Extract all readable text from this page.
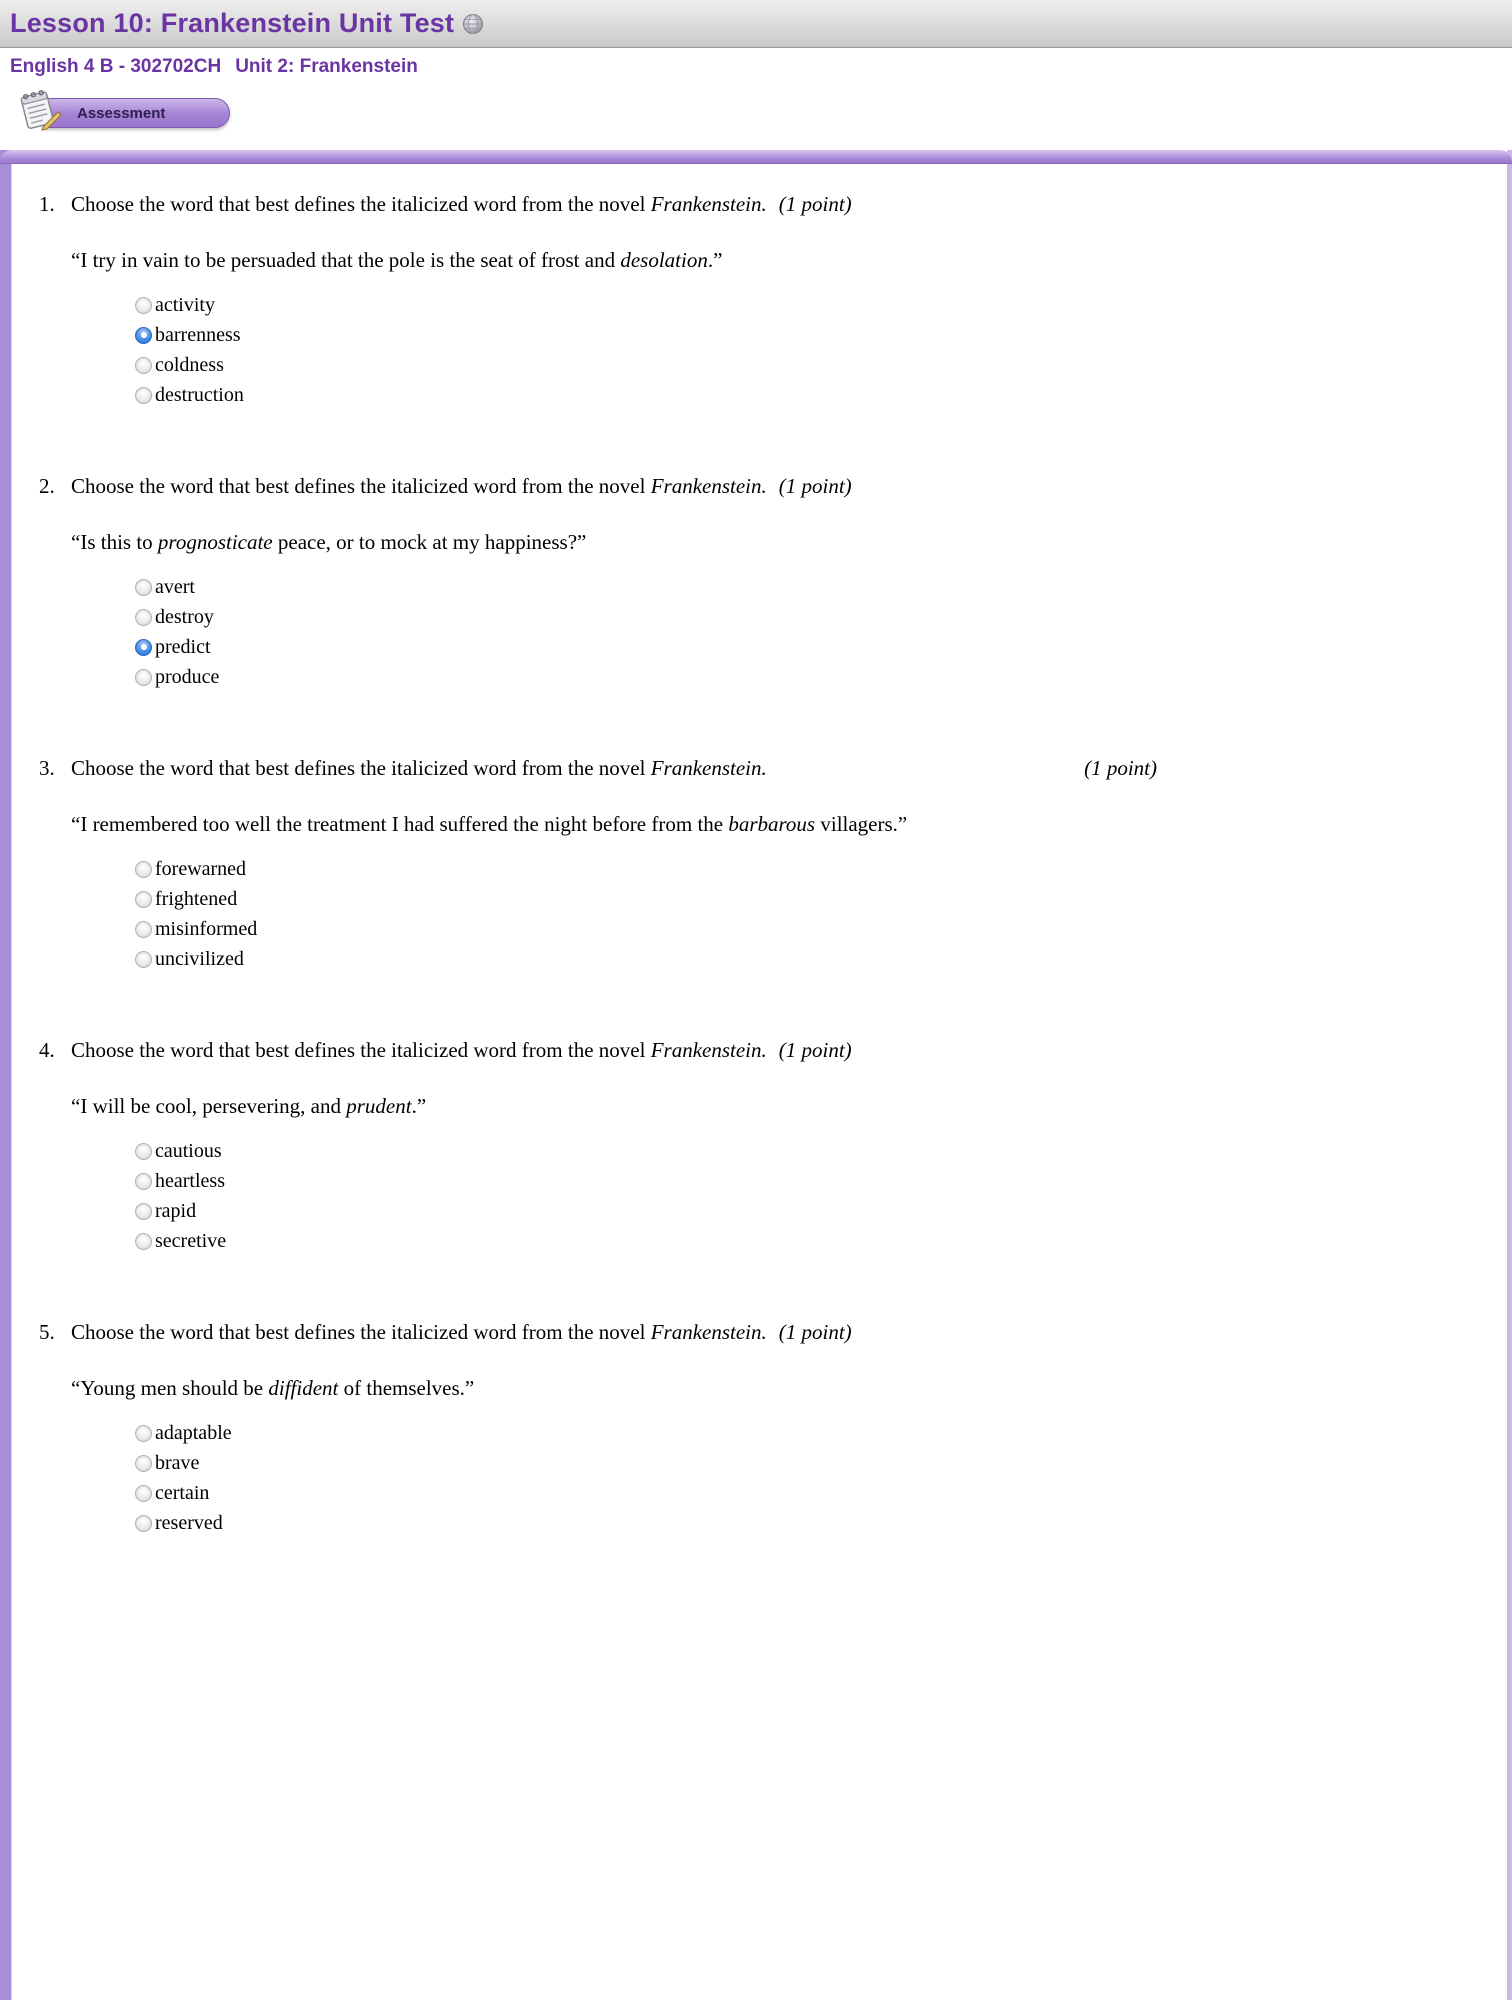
Lesson 10: Frankenstein Unit Test
English 4 B - 302702CH Unit 2: Frankenstein
Assessment
1. Choose the word that best defines the italicized word from the novel Frankenstein. (1 point)
“I try in vain to be persuaded that the pole is the seat of frost and desolation.”
activity
barrenness
coldness
destruction
2. Choose the word that best defines the italicized word from the novel Frankenstein. (1 point)
“Is this to prognosticate peace, or to mock at my happiness?”
avert
destroy
predict
produce
3.	(1 point)
Choose the word that best defines the italicized word from the novel Frankenstein.
“I remembered too well the treatment I had suffered the night before from the barbarous villagers.”
forewarned
frightened
misinformed
uncivilized
4. Choose the word that best defines the italicized word from the novel Frankenstein. (1 point)
“I will be cool, persevering, and prudent.”
cautious
heartless
rapid
secretive
5. Choose the word that best defines the italicized word from the novel Frankenstein. (1 point)
“Young men should be diffident of themselves.”
adaptable
brave
certain
reserved
